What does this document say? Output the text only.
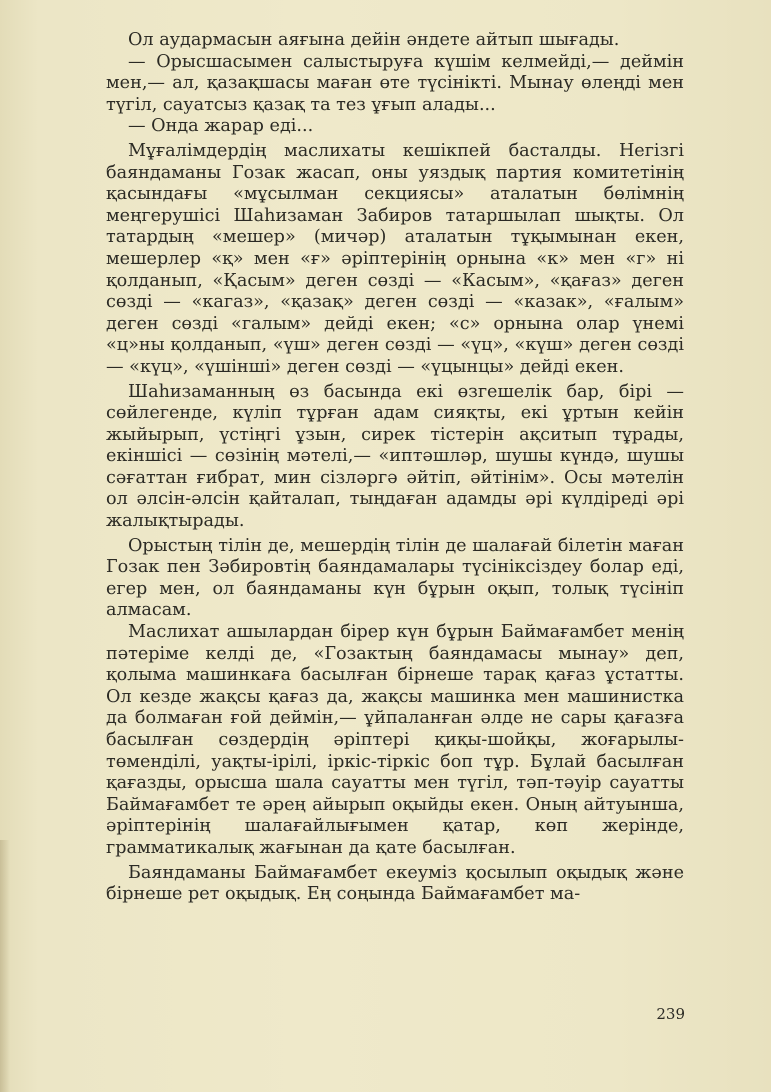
Ол аудармасын аяғына дейін әндете айтып шығады.

— Орысшасымен салыстыруға күшім келмейді,— деймін мен,— ал, қазақшасы маған өте түсінікті. Мынау өлеңді мен түгіл, сауатсыз қазақ та тез ұғып алады...

— Онда жарар еді...

Мұғалімдердің маслихаты кешікпей басталды. Негізгі баяндаманы Гозак жасап, оны уяздық партия комитетінің қасындағы «мұсылман секциясы» аталатын бөлімнің меңгерушісі Шаһизаман Забиров татаршылап шықты. Ол татардың «мешер» (мичәр) аталатын тұқымынан екен, мешерлер «қ» мен «ғ» әріптерінің орнына «к» мен «г» ні қолданып, «Қасым» деген сөзді — «Касым», «қағаз» деген сөзді — «кагаз», «қазақ» деген сөзді — «казак», «ғалым» деген сөзді «галым» дейді екен; «с» орнына олар үнемі «ц»ны қолданып, «үш» деген сөзді — «үц», «күш» деген сөзді — «күц», «үшінші» деген сөзді — «үцынцы» дейді екен.

Шаһизаманның өз басында екі өзгешелік бар, бірі — сөйлегенде, күліп тұрған адам сияқты, екі ұртын кейін жыйырып, үстіңгі ұзын, сирек тістерін ақситып тұрады, екіншісі — сөзінің мәтелі,— «иптәшләр, шушы күндә, шушы сәғаттан ғибрат, мин сізләргә әйтіп, әйтінім». Осы мәтелін ол әлсін-әлсін қайталап, тыңдаған адамды әрі күлдіреді әрі жалықтырады.

Орыстың тілін де, мешердің тілін де шалағай білетін маған Гозак пен Зәбировтің баяндамалары түсініксіздеу болар еді, егер мен, ол баяндаманы күн бұрын оқып, толық түсініп алмасам.

Маслихат ашылардан бірер күн бұрын Баймағамбет менің пәтеріме келді де, «Гозактың баяндамасы мынау» деп, қолыма машинкаға басылған бірнеше тарақ қағаз ұстатты. Ол кезде жақсы қағаз да, жақсы машинка мен машинистка да болмаған ғой деймін,— ұйпаланған әлде не сары қағазға басылған сөздердің әріптері қиқы-шойқы, жоғарылы-төменділі, уақты-ірілі, іркіс-тіркіс боп тұр. Бұлай басылған қағазды, орысша шала сауатты мен түгіл, тәп-тәуір сауатты Баймағамбет те әрең айырып оқыйды екен. Оның айтуынша, әріптерінің шалағайлығымен қатар, көп жерінде, грамматикалық жағынан да қате басылған.

Баяндаманы Баймағамбет екеуміз қосылып оқыдық және бірнеше рет оқыдық. Ең соңында Баймағамбет ма-

239
